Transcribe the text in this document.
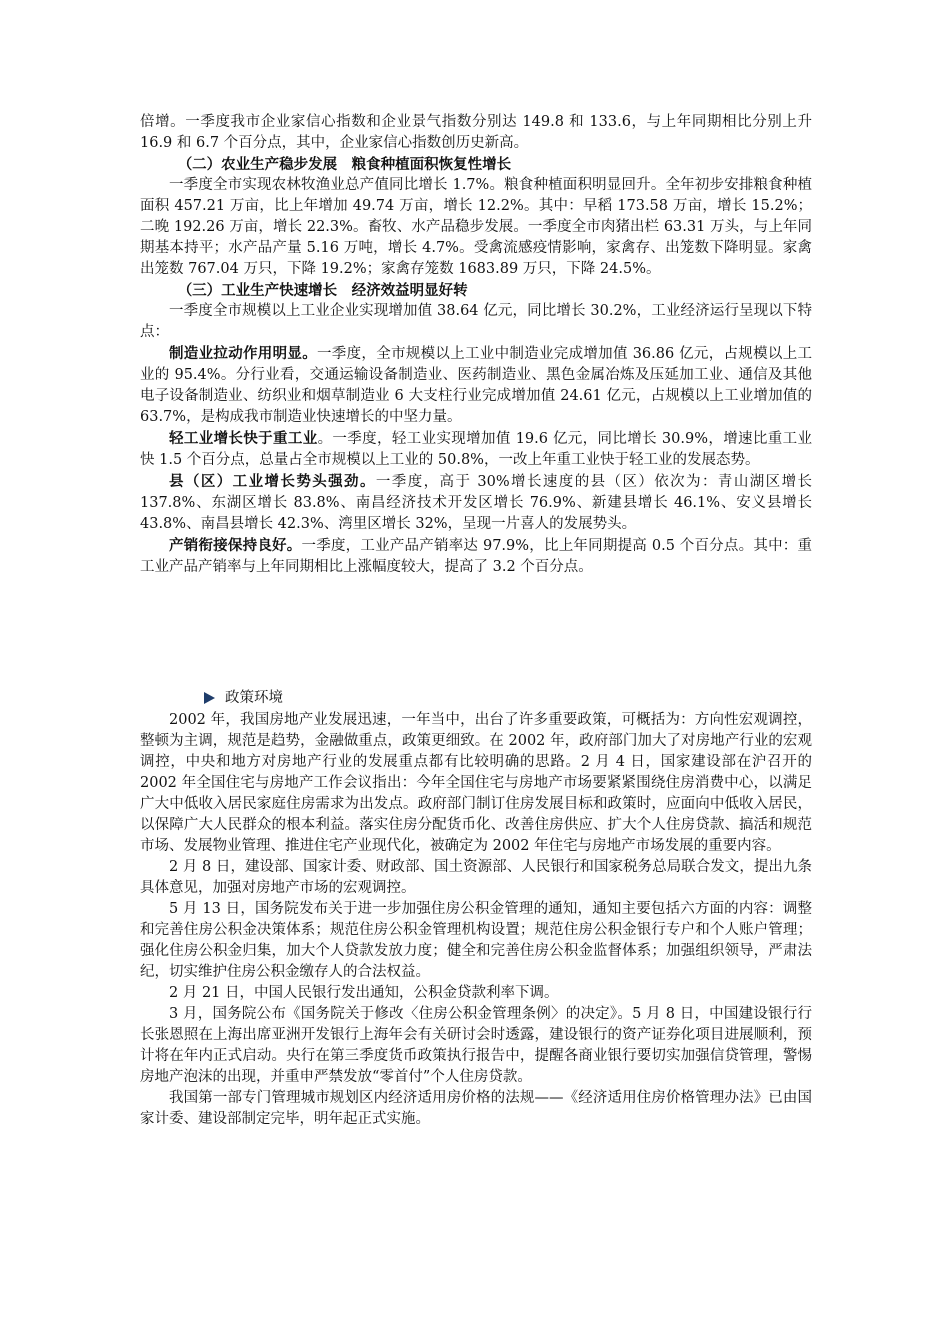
倍增。一季度我市企业家信心指数和企业景气指数分别达 149.8 和 133.6，与上年同期相比分别上升 16.9 和 6.7 个百分点，其中，企业家信心指数创历史新高。

（二）农业生产稳步发展　粮食种植面积恢复性增长

一季度全市实现农林牧渔业总产值同比增长 1.7%。粮食种植面积明显回升。全年初步安排粮食种植面积 457.21 万亩，比上年增加 49.74 万亩，增长 12.2%。其中：早稻 173.58 万亩，增长 15.2%；二晚 192.26 万亩，增长 22.3%。畜牧、水产品稳步发展。一季度全市肉猪出栏 63.31 万头，与上年同期基本持平；水产品产量 5.16 万吨，增长 4.7%。受禽流感疫情影响，家禽存、出笼数下降明显。家禽出笼数 767.04 万只，下降 19.2%；家禽存笼数 1683.89 万只，下降 24.5%。

（三）工业生产快速增长　经济效益明显好转

一季度全市规模以上工业企业实现增加值 38.64 亿元，同比增长 30.2%，工业经济运行呈现以下特点：

制造业拉动作用明显。一季度，全市规模以上工业中制造业完成增加值 36.86 亿元，占规模以上工业的 95.4%。分行业看，交通运输设备制造业、医药制造业、黑色金属冶炼及压延加工业、通信及其他电子设备制造业、纺织业和烟草制造业 6 大支柱行业完成增加值 24.61 亿元，占规模以上工业增加值的 63.7%，是构成我市制造业快速增长的中坚力量。

轻工业增长快于重工业。一季度，轻工业实现增加值 19.6 亿元，同比增长 30.9%，增速比重工业快 1.5 个百分点，总量占全市规模以上工业的 50.8%，一改上年重工业快于轻工业的发展态势。

县（区）工业增长势头强劲。一季度，高于 30%增长速度的县（区）依次为：青山湖区增长 137.8%、东湖区增长 83.8%、南昌经济技术开发区增长 76.9%、新建县增长 46.1%、安义县增长 43.8%、南昌县增长 42.3%、湾里区增长 32%，呈现一片喜人的发展势头。

产销衔接保持良好。一季度，工业产品产销率达 97.9%，比上年同期提高 0.5 个百分点。其中：重工业产品产销率与上年同期相比上涨幅度较大，提高了 3.2 个百分点。

政策环境

2002 年，我国房地产业发展迅速，一年当中，出台了许多重要政策，可概括为：方向性宏观调控，整顿为主调，规范是趋势，金融做重点，政策更细致。在 2002 年，政府部门加大了对房地产行业的宏观调控，中央和地方对房地产行业的发展重点都有比较明确的思路。2 月 4 日，国家建设部在沪召开的 2002 年全国住宅与房地产工作会议指出：今年全国住宅与房地产市场要紧紧围绕住房消费中心，以满足广大中低收入居民家庭住房需求为出发点。政府部门制订住房发展目标和政策时，应面向中低收入居民，以保障广大人民群众的根本利益。落实住房分配货币化、改善住房供应、扩大个人住房贷款、搞活和规范市场、发展物业管理、推进住宅产业现代化，被确定为 2002 年住宅与房地产市场发展的重要内容。

2 月 8 日，建设部、国家计委、财政部、国土资源部、人民银行和国家税务总局联合发文，提出九条具体意见，加强对房地产市场的宏观调控。

5 月 13 日，国务院发布关于进一步加强住房公积金管理的通知，通知主要包括六方面的内容：调整和完善住房公积金决策体系；规范住房公积金管理机构设置；规范住房公积金银行专户和个人账户管理；强化住房公积金归集，加大个人贷款发放力度；健全和完善住房公积金监督体系；加强组织领导，严肃法纪，切实维护住房公积金缴存人的合法权益。

2 月 21 日，中国人民银行发出通知，公积金贷款利率下调。

3 月，国务院公布《国务院关于修改〈住房公积金管理条例〉的决定》。5 月 8 日，中国建设银行行长张恩照在上海出席亚洲开发银行上海年会有关研讨会时透露，建设银行的资产证券化项目进展顺利，预计将在年内正式启动。央行在第三季度货币政策执行报告中，提醒各商业银行要切实加强信贷管理，警惕房地产泡沫的出现，并重申严禁发放“零首付”个人住房贷款。

我国第一部专门管理城市规划区内经济适用房价格的法规——《经济适用住房价格管理办法》已由国家计委、建设部制定完毕，明年起正式实施。
